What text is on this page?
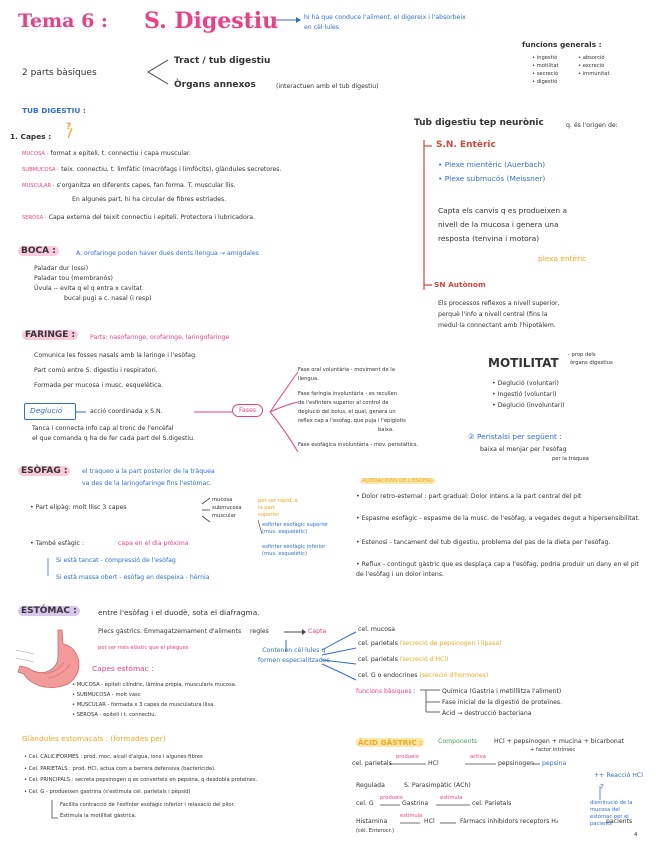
Tema 6 : S. Digestiu	hi hà que conduce l'aliment, el digereix i l'absorbeix
en cèl·lules
2 parts bàsiques
Tract / tub digestiu
Òrgans annexos	(interactuen amb el tub digestiu)
funcions generals :
• ingestió
• motilitat
• secreció
• digestió
• absorció
• excreció
• immunitat
TUB DIGESTIU :
1. Capes :
?
MUCOSA - format x epiteli, t. connectiu i capa muscular.
SUBMUCOSA - teix. connectiu, t. limfàtic (macròfags i limfòcits), glàndules secretores.
MUSCULAR - s'organitza en diferents capes, fan forma. T. muscular llis.
En algunes part, hi ha circular de fibres estriades.
SEROSA - Capa externa del teixit connectiu i epiteli. Protectora i lubricadora.
Tub digestiu tep neurònic	q. és l'origen de:
S.N. Entèric
• Plexe mientèric (Auerbach)
• Plexe submucós (Meissner)
Capta els canvis q es produeixen a
nivell de la mucosa i genera una
resposta (tenvina i motora)
plexa entèric
SN Autònom
Els processos reflexos a nivell superior,
perquè l'info a nivell central (fins la
medul·la connectant amb l'hipotàlem.
BOCA :	A. orofaringe poden haver dues dents llengua → amígdales
Paladar dur (ossi)
Paladar tou (membranós)
Úvula -- evita q el q entra x cavitat
bucal pugi a c. nasal (i resp)
FARINGE :	Parts: nasofaringe, orofaringe, laringofaringe
Comunica les fosses nasals amb la laringe i l'esòfag.
Part comú entre S. digestiu i respiratori.
Formada per mucosa i musc. esquelètica.
Deglució	acció coordinada x S.N.
Tanca i connecta info cap al tronc de l'encèfal
el que comanda q ha de fer cada part del S.digestiu.
Fases
Fase oral voluntària - moviment de la
llengua.
Fase faríngia involuntària - es recullen
de l'esfínters superior al control de
deglució del bolus, el qual, genera un
reflex cap a l'esòfag, que puja i l'epiglotis
baixa.
Fase esofàgica involuntària - mov. peristàltics.
MOTILITAT
- prop dels
òrgans digestius
• Deglució (voluntari)
• Ingestió (voluntari)
• Deglució (involuntari)
② Peristalsi per següent :
baixa el menjar per l'esòfag
per la tràquea
ESÒFAG :	el traqueo a la part posterior de la tràquea
va des de la laringofaringe fins l'estómac.
• Part elipàg: molt llisc 3 capes
mucosa
submucosa
muscular
pot ser ràpid, a
la part
superior
esfínter esofàgic superior
(mus. esquelètic)
esfínter esofàgic inferior
(mus. esquelètic)
• També esfàgic :	capa en el dia pròxima
Si està tancat - compressió de l'esòfag
Si està massa obert - esòfag en despeixa - hèrnia
ALTERACIONS DE L'ESÒFAG
• Dolor retro-esternal : part gradual: Dolor intens a la part central del pit
• Espasme esofàgic - espasme de la musc. de l'esòfag, a vegades degut a hipersensibilitat.
• Estenosi - tancament del tub digestiu, problema del pas de la dieta per l'esòfag.
• Reflux - contingut gàstric que es desplaça cap a l'esòfag, podria produir un dany en el pit de l'esòfag i un dolor intens.
ESTÓMAC :	entre l'esòfag i el duodè, sota el diafragma.
Plecs gàstrics. Emmagatzemament d'aliments regles	Capta
pot ser més elàstic que el pliegues
Capes estómac :
• MUCOSA - epiteli cilíndric, làmina pròpia, muscularis mucosa.
• SUBMUCOSA - molt vasc
• MUSCULAR - formada x 3 capes de musculatura llisa.
• SEROSA - epiteli i t. connectiu.
Contenen cèl·lules q
formen especialitzades
cel. mucosa
cel. parietals (secreció de pepsinogen i lipasa)
cel. parietals (secreció d'HCl)
cel. G o endocrines (secreció d'hormones)
funcions bàsiques :	Química (Gastria i metilllitza l'aliment)
Fase inicial de la digestió de proteïnes.
Àcid → destrucció bacteriana
Glàndules estomacals : (formades per)
• Cel. CALICIFORMES : prod. moc, alcalí d'aigua, ions i algunes fibres
• Cel. PARIETALS : prod. HCl, actua com a barrera defensiva (bactericida).
• Cel. PRINCIPALS : secreta pepsinogen q es converteix en pepsina, q desdobla proteïnes.
• Cel. G - produeixen gastrina (s'estimula cel. parietals i pèpsid)
Facilita contracció de l'esfínter esofàgic inferior i relaxació del pílor.
Estimula la motilitat gàstrica.
ÀCID GÀSTRIC :	Components	HCl + pepsinogen + mucina + bicarbonat
+ factor intrínsec
cel. parietals
produeix
HCl
activa
pepsinogen pepsina
Regulada	S. Parasimpàtic (ACh)
cel. G
produeix
Gastrina
estimula
cel. Parietals
Histamina
estimula
HCl	Fàrmacs inhibidors receptors H₂	pacients
(cèl. Enterocr.)
++ Reacció HCl
?
disminució de la
mucosa del
estómac per el
pacients
4
